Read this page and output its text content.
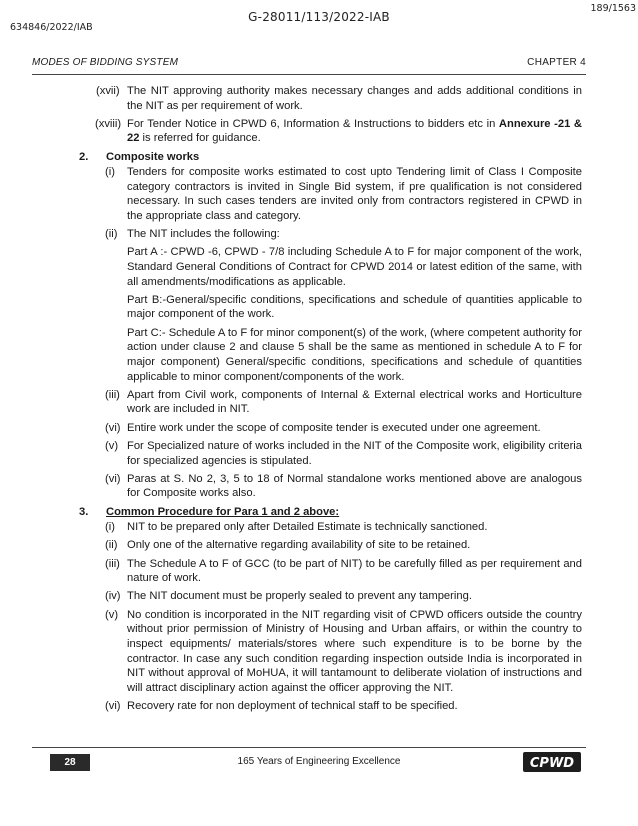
189/1563
G-28011/113/2022-IAB
634846/2022/IAB
MODES OF BIDDING SYSTEM	CHAPTER 4
(xvii) The NIT approving authority makes necessary changes and adds additional conditions in the NIT as per requirement of work.
(xviii) For Tender Notice in CPWD 6, Information & Instructions to bidders etc in Annexure -21 & 22 is referred for guidance.
2. Composite works
(i) Tenders for composite works estimated to cost upto Tendering limit of Class I Composite category contractors is invited in Single Bid system, if pre qualification is not considered necessary. In such cases tenders are invited only from contractors registered in CPWD in the appropriate class and category.
(ii) The NIT includes the following:
Part A :- CPWD -6, CPWD - 7/8 including Schedule A to F for major component of the work, Standard General Conditions of Contract for CPWD 2014 or latest edition of the same, with all amendments/modifications as applicable.
Part B:-General/specific conditions, specifications and schedule of quantities applicable to major component of the work.
Part C:- Schedule A to F for minor component(s) of the work, (where competent authority for action under clause 2 and clause 5 shall be the same as mentioned in schedule A to F for major component) General/specific conditions, specifications and schedule of quantities applicable to minor component/components of the work.
(iii) Apart from Civil work, components of Internal & External electrical works and Horticulture work are included in NIT.
(vi) Entire work under the scope of composite tender is executed under one agreement.
(v) For Specialized nature of works included in the NIT of the Composite work, eligibility criteria for specialized agencies is stipulated.
(vi) Paras at S. No 2, 3, 5 to 18 of Normal standalone works mentioned above are analogous for Composite works also.
3. Common Procedure for Para 1 and 2 above:
(i) NIT to be prepared only after Detailed Estimate is technically sanctioned.
(ii) Only one of the alternative regarding availability of site to be retained.
(iii) The Schedule A to F of GCC (to be part of NIT) to be carefully filled as per requirement and nature of work.
(iv) The NIT document must be properly sealed to prevent any tampering.
(v) No condition is incorporated in the NIT regarding visit of CPWD officers outside the country without prior permission of Ministry of Housing and Urban affairs, or within the country to inspect equipments/ materials/stores where such expenditure is to be borne by the contractor. In case any such condition regarding inspection outside India is incorporated in NIT without approval of MoHUA, it will tantamount to deliberate violation of instructions and will attract disciplinary action against the officer approving the NIT.
(vi) Recovery rate for non deployment of technical staff to be specified.
28	165 Years of Engineering Excellence	CPWD
